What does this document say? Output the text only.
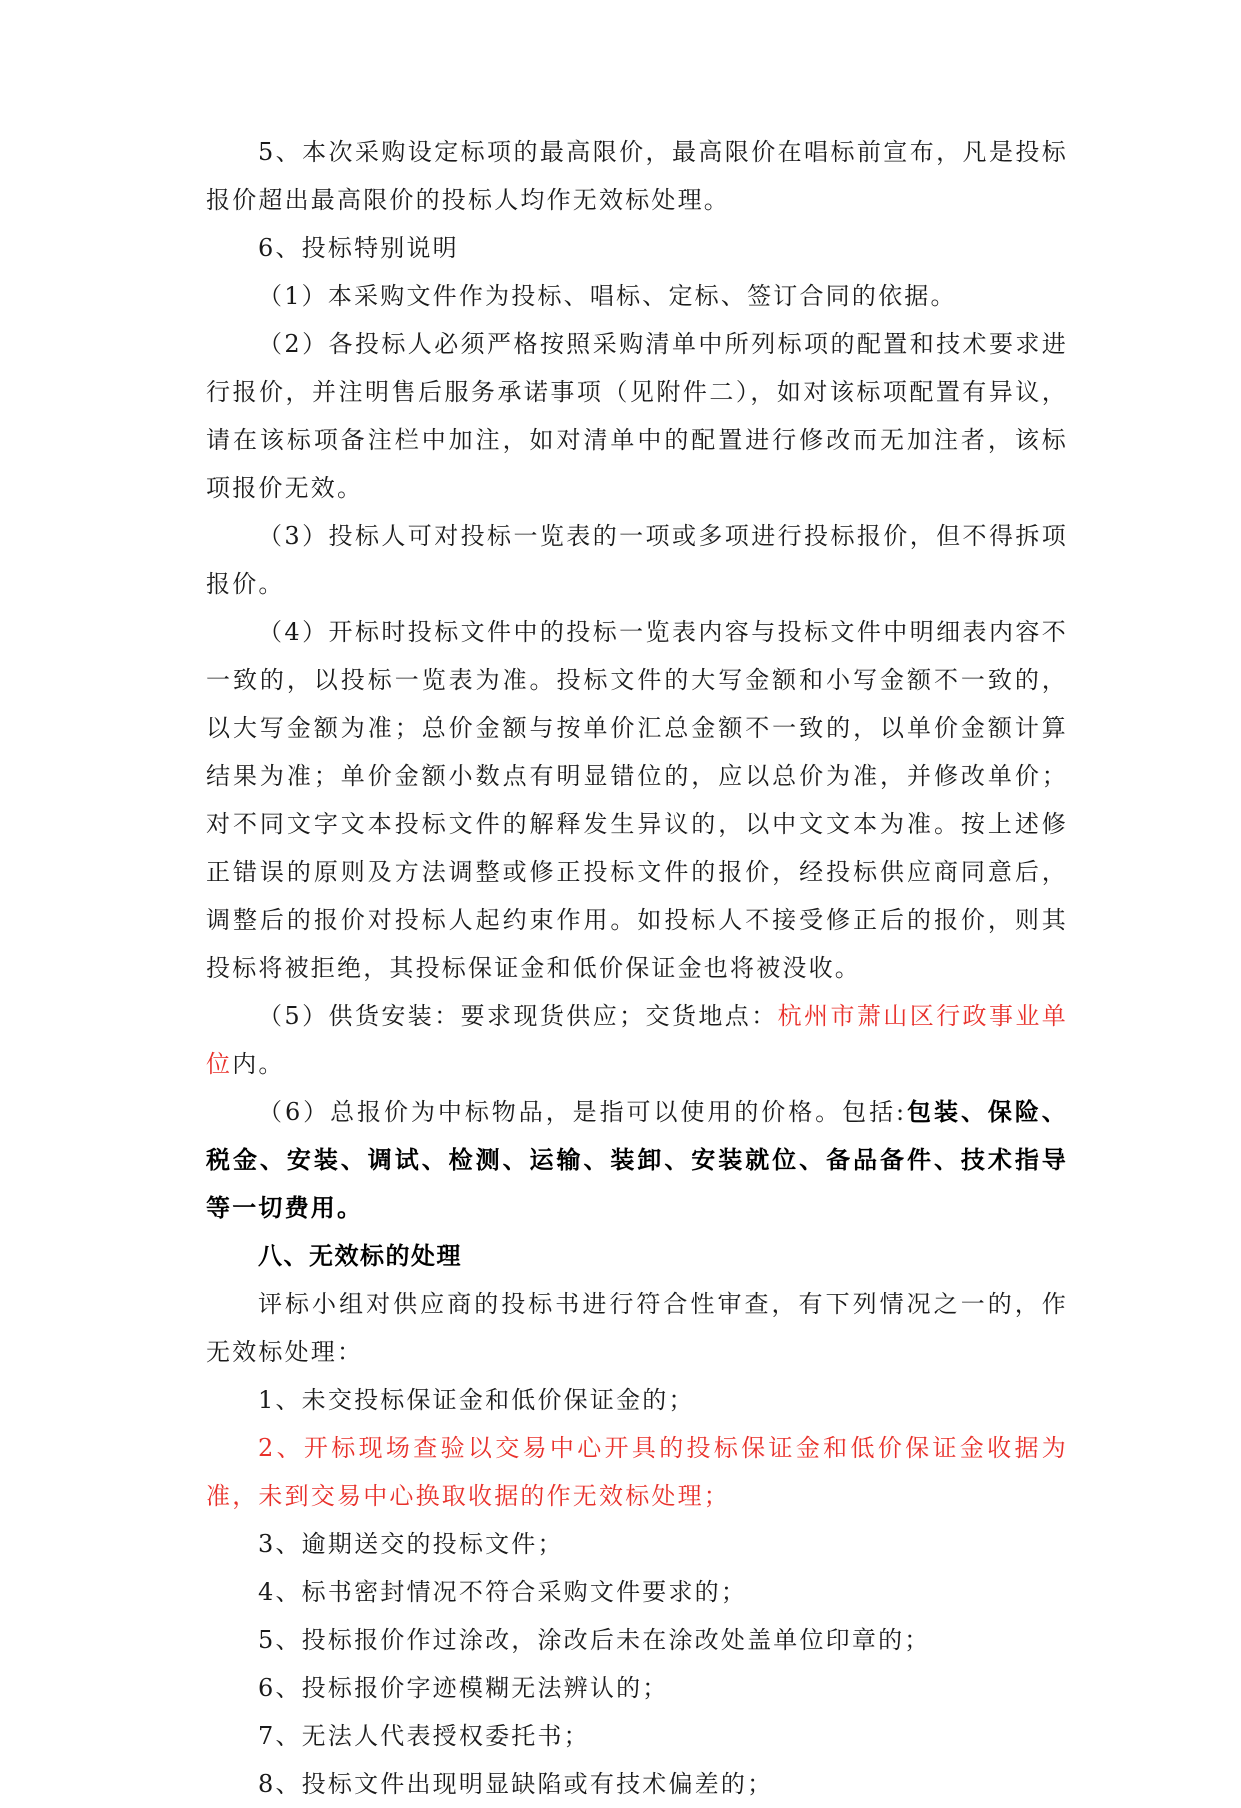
5、本次采购设定标项的最高限价，最高限价在唱标前宣布，凡是投标报价超出最高限价的投标人均作无效标处理。

6、投标特别说明

（1）本采购文件作为投标、唱标、定标、签订合同的依据。

（2）各投标人必须严格按照采购清单中所列标项的配置和技术要求进行报价，并注明售后服务承诺事项（见附件二），如对该标项配置有异议，请在该标项备注栏中加注，如对清单中的配置进行修改而无加注者，该标项报价无效。

（3）投标人可对投标一览表的一项或多项进行投标报价，但不得拆项报价。

（4）开标时投标文件中的投标一览表内容与投标文件中明细表内容不一致的，以投标一览表为准。投标文件的大写金额和小写金额不一致的，以大写金额为准；总价金额与按单价汇总金额不一致的，以单价金额计算结果为准；单价金额小数点有明显错位的，应以总价为准，并修改单价；对不同文字文本投标文件的解释发生异议的，以中文文本为准。按上述修正错误的原则及方法调整或修正投标文件的报价，经投标供应商同意后，调整后的报价对投标人起约束作用。如投标人不接受修正后的报价，则其投标将被拒绝，其投标保证金和低价保证金也将被没收。

（5）供货安装：要求现货供应；交货地点：杭州市萧山区行政事业单位内。

（6）总报价为中标物品，是指可以使用的价格。包括:包装、保险、税金、安装、调试、检测、运输、装卸、安装就位、备品备件、技术指导等一切费用。

八、无效标的处理

评标小组对供应商的投标书进行符合性审查，有下列情况之一的，作无效标处理：

1、未交投标保证金和低价保证金的；

2、开标现场查验以交易中心开具的投标保证金和低价保证金收据为准，未到交易中心换取收据的作无效标处理；

3、逾期送交的投标文件；

4、标书密封情况不符合采购文件要求的；

5、投标报价作过涂改，涂改后未在涂改处盖单位印章的；

6、投标报价字迹模糊无法辨认的；

7、无法人代表授权委托书；

8、投标文件出现明显缺陷或有技术偏差的；
